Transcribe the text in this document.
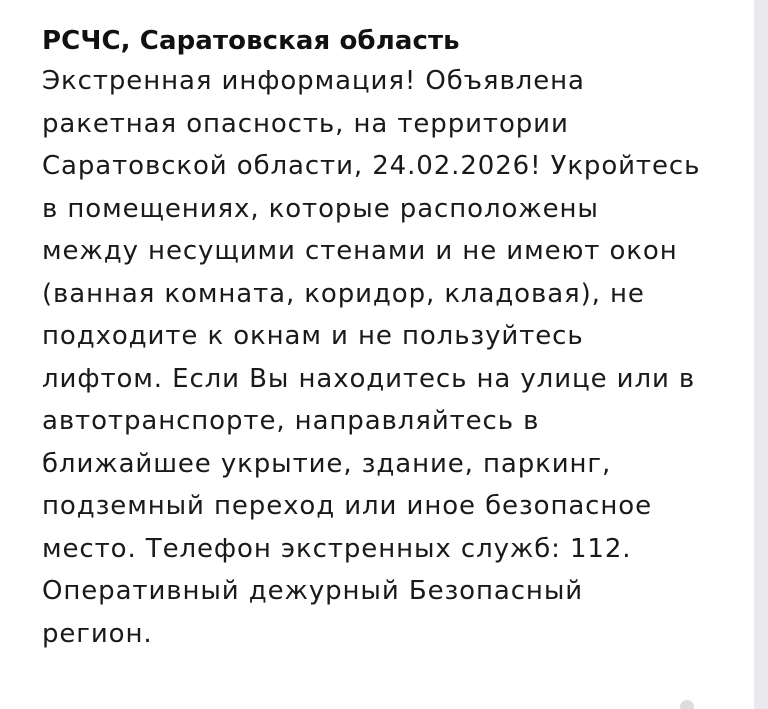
РСЧС, Саратовская область
Экстренная информация! Объявлена
ракетная опасность, на территории
Саратовской области, 24.02.2026! Укройтесь
в помещениях, которые расположены
между несущими стенами и не имеют окон
(ванная комната, коридор, кладовая), не
подходите к окнам и не пользуйтесь
лифтом. Если Вы находитесь на улице или в
автотранспорте, направляйтесь в
ближайшее укрытие, здание, паркинг,
подземный переход или иное безопасное
место. Телефон экстренных служб: 112.
Оперативный дежурный Безопасный
регион.
